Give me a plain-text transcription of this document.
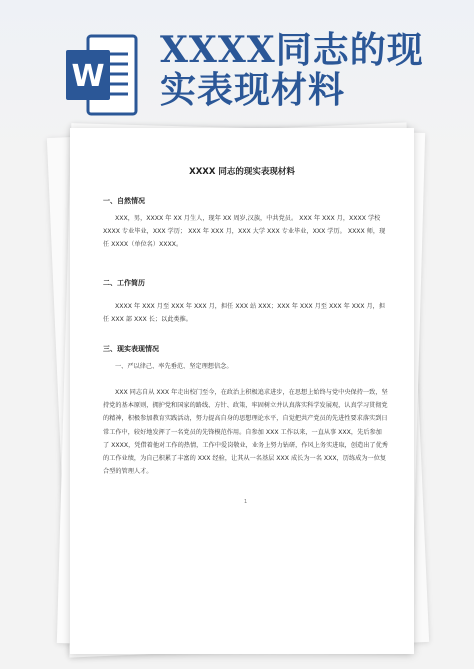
W
XXXX同志的现
实表现材料
XXXX 同志的现实表现材料
一、自然情况

XXX，男，XXXX 年 XX 月生人，现年 XX 周岁,汉族，中共党员。 XXX 年 XXX 月，XXXX 学校 XXXX 专业毕业，XXX 学历； XXX 年 XXX 月，XXX 大学 XXX 专业毕业，XXX 学历。 XXXX 师，现任 XXXX（单位名）XXXX。

二、工作简历

XXXX 年 XXX 月至 XXX 年 XXX 月，担任 XXX 站 XXX；XXX 年 XXX 月至 XXX 年 XXX 月，担任 XXX 部 XXX 长；以此类推。

三、现实表现情况

一、严以律己、率先垂范、坚定理想信念。

XXX 同志自从 XXX 年走出校门至今，在政治上积极追求进步，在思想上始终与党中央保持一致，坚持党的基本原则，拥护党和国家的路线、方针、政策，牢固树立并认真落实科学发展观，认真学习贯彻党的精神，积极参加教育实践活动，努力提高自身的思想理论水平，自觉把共产党员的先进性要求落实到日常工作中，较好地发挥了一名党员的先锋模范作用。自参加 XXX 工作以来，一直从事 XXX，先后参加了 XXXX，凭借着他对工作的热情，工作中爱岗敬业，业务上努力钻研，作风上务实进取，创造出了优秀的工作业绩，为自己积累了丰富的 XXX 经验，让其从一名基层 XXX 成长为一名 XXX，历练成为一位复合型的管理人才。

1
